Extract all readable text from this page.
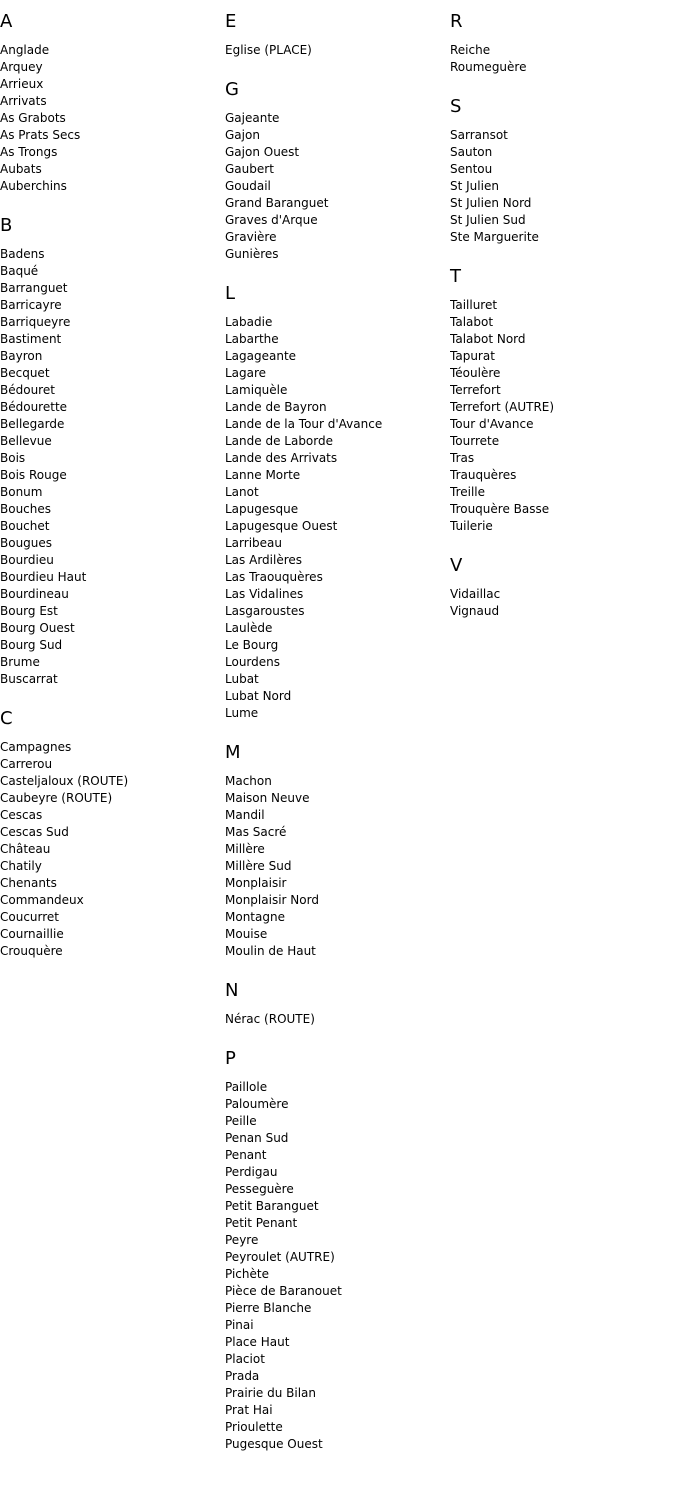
A
Anglade
Arquey
Arrieux
Arrivats
As Grabots
As Prats Secs
As Trongs
Aubats
Auberchins
B
Badens
Baqué
Barranguet
Barricayre
Barriqueyre
Bastiment
Bayron
Becquet
Bédouret
Bédourette
Bellegarde
Bellevue
Bois
Bois Rouge
Bonum
Bouches
Bouchet
Bougues
Bourdieu
Bourdieu Haut
Bourdineau
Bourg Est
Bourg Ouest
Bourg Sud
Brume
Buscarrat
C
Campagnes
Carrerou
Casteljaloux (ROUTE)
Caubeyre (ROUTE)
Cescas
Cescas Sud
Château
Chatily
Chenants
Commandeux
Coucurret
Cournaillie
Crouquère
E
Eglise (PLACE)
G
Gajeante
Gajon
Gajon Ouest
Gaubert
Goudail
Grand Baranguet
Graves d'Arque
Gravière
Gunières
L
Labadie
Labarthe
Lagageante
Lagare
Lamiquèle
Lande de Bayron
Lande de la Tour d'Avance
Lande de Laborde
Lande des Arrivats
Lanne Morte
Lanot
Lapugesque
Lapugesque Ouest
Larribeau
Las Ardilères
Las Traouquères
Las Vidalines
Lasgaroustes
Laulède
Le Bourg
Lourdens
Lubat
Lubat Nord
Lume
M
Machon
Maison Neuve
Mandil
Mas Sacré
Millère
Millère Sud
Monplaisir
Monplaisir Nord
Montagne
Mouise
Moulin de Haut
N
Nérac (ROUTE)
P
Paillole
Paloumère
Peille
Penan Sud
Penant
Perdigau
Pesseguère
Petit Baranguet
Petit Penant
Peyre
Peyroulet (AUTRE)
Pichète
Pièce de Baranouet
Pierre Blanche
Pinai
Place Haut
Placiot
Prada
Prairie du Bilan
Prat Hai
Prioulette
Pugesque Ouest
R
Reiche
Roumeguère
S
Sarransot
Sauton
Sentou
St Julien
St Julien Nord
St Julien Sud
Ste Marguerite
T
Tailluret
Talabot
Talabot Nord
Tapurat
Téoulère
Terrefort
Terrefort (AUTRE)
Tour d'Avance
Tourrete
Tras
Trauquères
Treille
Trouquère Basse
Tuilerie
V
Vidaillac
Vignaud
